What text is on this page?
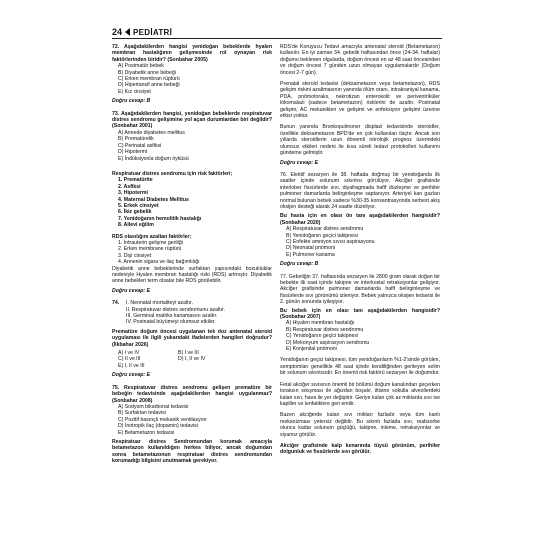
24 PEDİATRİ
72. Aşağıdakilerden hangisi yenidoğan bebeklerde hyalen membran hastalığının gelişmesinde rol oynayan risk faktörlerinden biridir? (Sonbahar 2005)
A) Postmatür bebek
B) Diyabetik anne bebeği
C) Erken membran rüptürü
D) Hipertansif anne bebeği
E) Kız cinsiyet
Doğru cevap: B
73. Aşağıdakilerden hangisi, yenidoğan bebeklerde respiratuvar distres sendromu gelişimine yol açan durumlardan biri değildir? (Sonbahar 2001)
A) Annede diyabetes mellitus
B) Prematürelik
C) Perinatal asfiksi
D) Hipotermi
E) İndüksiyonla doğum öyküsü
Respiratuar distres sendromu için risk faktörleri;
1. Prematürite
2. Asfiksi
3. Hipotermi
4. Maternal Diabetes Mellitus
5. Erkek cinsiyet
6. İkiz gebelik
7. Yenidoğanın hemolitik hastalığı
8. Ailevi eğilim
RDS olasılığını azaltan faktörler;
1. İntrauterin gelişme geriliği
2. Erken membrane rüptürü
3. Dişi cinsiyet
4. Annenin sigara ve ilaç bağımlılığı
Diyabetik anne bebeklerinde surfaktan yapısındaki bozukluklar nedeniyle Hyalen membran hastalığı riski (RDS) artmıştır. Diyabetik anne bebekleri term olsalar bile RDS görülebilir.
Doğru cevap: E
74.	I. Neonatal mortaliteyi azaltır.
II. Respiratuvar distres sendromunu azaltır.
III. Germinal matriks kanamasını azaltır.
IV. Postnatal büyümeyi olumsuz etkiler.
Prematüre doğum öncesi uygulanan tek doz antenatal steroid uygulaması ile ilgili yukarıdaki ifadelerden hangileri doğrudur? (İlkbahar 2026)
A) I ve IV	B) I ve III
C) II ve III	D) I, II ve IV
E) I, II ve III
Doğru cevap: E
75. Respiratuvar distres sendromu gelişen prematüre bir bebeğin tedavisinde aşağıdakilerden hangisi uygulanmaz? (Sonbahar 2008)
A) Sodyum bikarbonat tedavisi
B) Surfaktan tedavisi
C) Pozitif basınçlı mekanik ventilasyon
D) İnotropik ilaç (dopamin) tedavisi
E) Betametazon tedavisi
Respiratuar distres Sendromundan korumak amacıyla betametazon kullanıldığını herkes biliyor, ancak doğumdan sonra betametazonun respiratuar distres sendromundan korumadığı bilgisini unutmamak gerekiyor.
RDS'de Koruyucu Tedavi amacıyla antenatal steroid (Betametazon) kullanılır. En iyi zaman 34. gebelik haftasından önce (24-34. haftalar) doğumu beklenen olgularda, doğum öncesi en az 48 saat öncesinden ve doğum öncesi 7 günden uzun olmayan uygulamalardır (Doğum öncesi 2-7 gün).
Prenatal steroid tedavisi (deksametazon veya betametazon), RDS gelişim riskini azaltmasının yanında ölüm oranı, intrakraniyal kanama, PDA, pnömotoraks, nekrotizan enterokolit ve periventriküler lökomalazi (sadece betametazon) risklerini de azaltır. Postnatal gelişim, AC mekanikleri ve gelişimi ve enfeksiyon gelişimi üzerine etkisi yoktur.
Bunun yanında Bronkopulmoner displazi tedavisinde steroidler, özellikle deksametazon BPD'de en çok kullanılan ilaçtır. Ancak son yıllarda steroidlerin uzun dönemli nörolojik prognoz üzerindeki olumsuz etkileri nedeni ile kısa süreli tedavi protokolleri kullanımı gündeme gelmiştir.
Doğru cevap: E
76. Elektif sezaryen ile 38. haftada doğmuş bir yenidoğanda ilk saatler içinde solunum sıkıntısı görülüyor. Akciğer grafisinde interlober fissürlerde sıvı, diyafragmada hafif düzleşme ve perihiler pulmoner damarlarda belirginleşme saptanıyor. Arteriyel kan gazları normal bulunan bebek sadece %30-35 konsantrasyonda serbest akış oksijen desteği alarak 24 saatte düzeliyor.
Bu hasta için en olası ön tanı aşağıdakilerden hangisidir? (Sonbahar 2020)
A) Respiratuvar distres sendromu
B) Yenidoğanın geçici takipnesi
C) Enfekte amniyon sıvısı aspirasyonu
D) Neonatal pnömoni
E) Pulmoner kanama
Doğru cevap: B
77. Gebeliğin 37. haftasında sezaryen ile 2800 gram olarak doğan bir bebekte ilk saat içinde takipne ve interkostal retraksiyonlar gelişiyor. Akciğer grafisinde pulmoner damarlarda hafif belirginleşme ve fissürlerde sıvı görünümü izleniyor. Bebek yalnızca oksijen tedavisi ile 2. günün sonunda iyileşiyor.
Bu bebek için en olası tanı aşağıdakilerden hangisidir? (Sonbahar 2007)
A) Hiyalen membran hastalığı
B) Respiratuvar distres sendromu
C) Yenidoğanın geçici takipnesi
D) Mekonyum aspirasyon sendromu
E) Konjenital pnömoni
Yenidoğanın geçici takipnesi, tüm yenidoğanların %1-2'sinde görülen, semptomları genellikle 48 saat içinde kendiliğinden gerileyen selim bir solunum sıkıntısıdır. En önemli risk faktörü sezaryen ile doğumdur.
Fetal akciğer sıvısının önemli bir bölümü doğum kanalından geçerken toraksın sıkışması ile ağızdan boşalır, iltisine sokulla alveollerdeki kalan sıvı, hava ile yer değiştirir. Geriye kalan çok az miktarda sıvı ise kapiller ve lenfatiklere geri emilir.
Bazen akciğerde kalan sıvı miktarı fazladır veya tüm kanlı mekanizması yetersiz değildir. Bu sıkıntı fazlada sıvı, reabsorbe olunca kadar solunum güçlüğü, takipne, inleme, retraksiyonlar ve siyanoz görülür.
Akciğer grafisinde kalp kenarında tüysü görünüm, perihiler dolgunluk ve fissürlerde sıvı görülür.
